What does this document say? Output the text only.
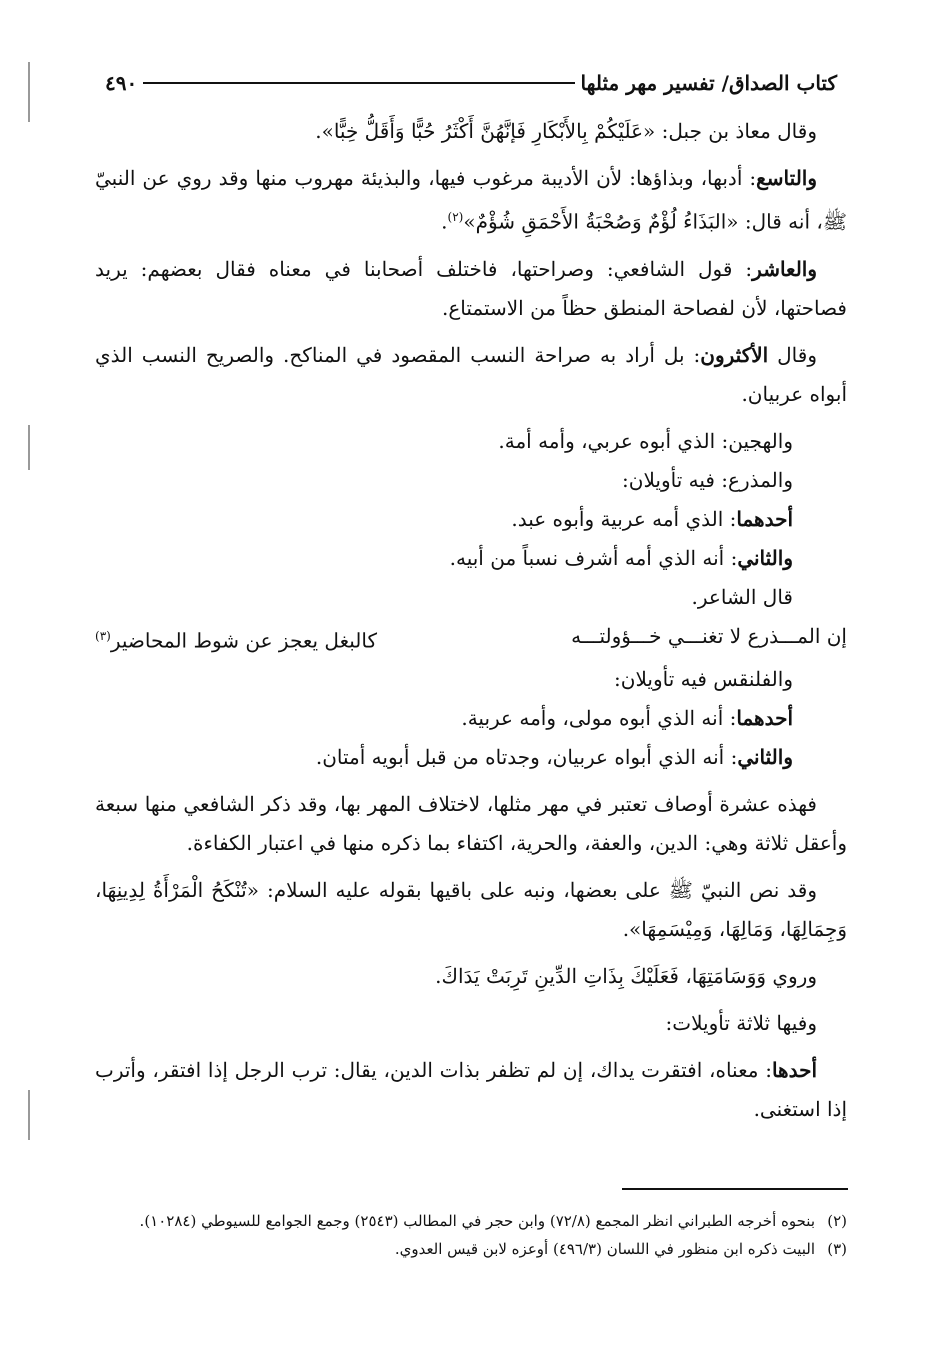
كتاب الصداق/ تفسير مهر مثلها
٤٩٠

وقال معاذ بن جبل: «عَلَيْكُمْ بِالأَبْكَارِ فَإنَّهُنَّ أَكْثَرُ حُبًّا وَأَقَلُّ خِبًّا».

والتاسع: أدبها، وبذاؤها: لأن الأديبة مرغوب فيها، والبذيئة مهروب منها وقد روي عن النبيّ ﷺ، أنه قال: «البَذَاءُ لُؤْمٌ وَصُحْبَةُ الأَحْمَقِ شُؤْمٌ»$^{(٢)}$.

والعاشر: قول الشافعي: وصراحتها، فاختلف أصحابنا في معناه فقال بعضهم: يريد فصاحتها، لأن لفصاحة المنطق حظاً من الاستمتاع.

وقال الأكثرون: بل أراد به صراحة النسب المقصود في المناكح. والصريح النسب الذي أبواه عربيان.

والهجين: الذي أبوه عربي، وأمه أمة.

والمذرع: فيه تأويلان:

أحدهما: الذي أمه عربية وأبوه عبد.

والثاني: أنه الذي أمه أشرف نسباً من أبيه.

قال الشاعر.

إن المـــذرع لا تغنـــي خـــؤولتـــه
كالبغل يعجز عن شوط المحاضير$^{(٣)}$

والفلنقس فيه تأويلان:

أحدهما: أنه الذي أبوه مولى، وأمه عربية.

والثاني: أنه الذي أبواه عربيان، وجدتاه من قبل أبويه أمتان.

فهذه عشرة أوصاف تعتبر في مهر مثلها، لاختلاف المهر بها، وقد ذكر الشافعي منها سبعة وأعقل ثلاثة وهي: الدين، والعفة، والحرية، اكتفاء بما ذكره منها في اعتبار الكفاءة.

وقد نص النبيّ ﷺ على بعضها، ونبه على باقيها بقوله عليه السلام: «تُنْكَحُ الْمَرْأَةُ لِدِينِهَا، وَجِمَالِهَا، وَمَالِهَا، وَمِيْسَمِهَا».

وروي وَوَسَامَتِهَا، فَعَلَيْكَ بِذَاتِ الدِّينِ تَرِبَتْ يَدَاكَ.

وفيها ثلاثة تأويلات:

أحدها: معناه، افتقرت يداك، إن لم تظفر بذات الدين، يقال: ترب الرجل إذا افتقر، وأترب إذا استغنى.

(٢)بنحوه أخرجه الطبراني انظر المجمع (٧٢/٨) وابن حجر في المطالب (٢٥٤٣) وجمع الجوامع للسيوطي (١٠٢٨٤).

(٣)البيت ذكره ابن منظور في اللسان (٤٩٦/٣) أوعزه لابن قيس العدوي.
